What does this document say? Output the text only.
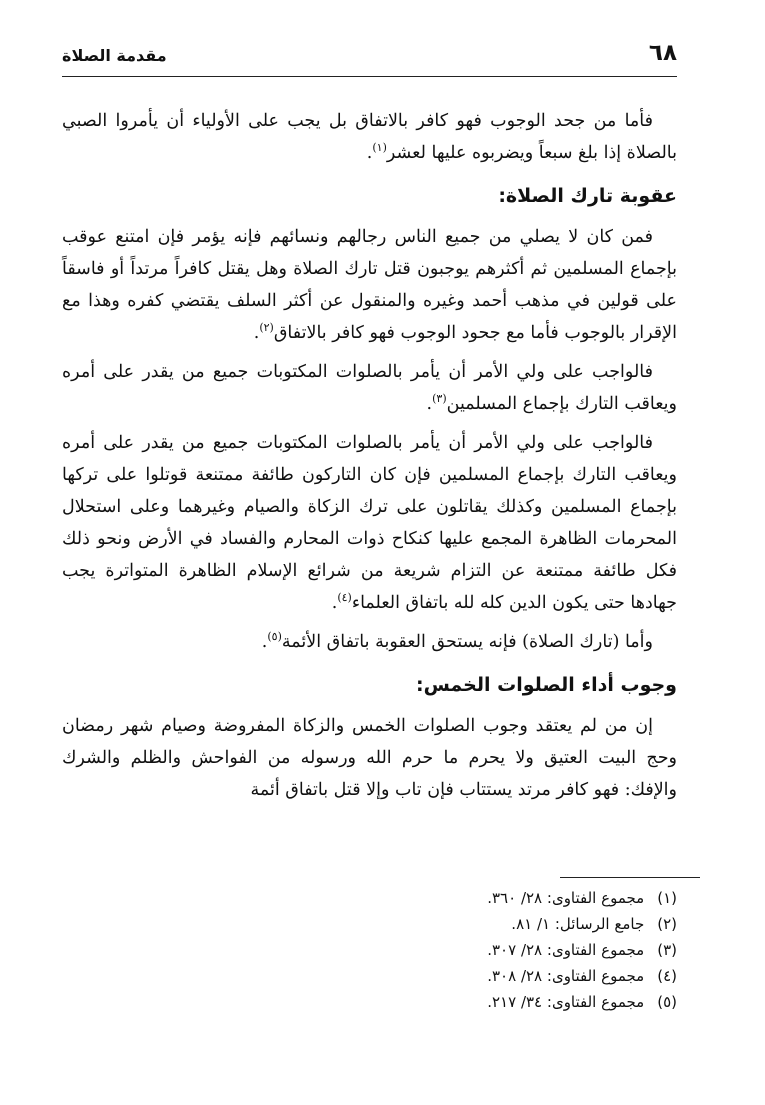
٦٨
مقدمة الصلاة

فأما من جحد الوجوب فهو كافر بالاتفاق بل يجب على الأولياء أن يأمروا الصبي بالصلاة إذا بلغ سبعاً ويضربوه عليها لعشر$^{(١)}$.

عقوبة تارك الصلاة:

فمن كان لا يصلي من جميع الناس رجالهم ونسائهم فإنه يؤمر فإن امتنع عوقب بإجماع المسلمين ثم أكثرهم يوجبون قتل تارك الصلاة وهل يقتل كافراً مرتداً أو فاسقاً على قولين في مذهب أحمد وغيره والمنقول عن أكثر السلف يقتضي كفره وهذا مع الإقرار بالوجوب فأما مع جحود الوجوب فهو كافر بالاتفاق$^{(٢)}$.

فالواجب على ولي الأمر أن يأمر بالصلوات المكتوبات جميع من يقدر على أمره ويعاقب التارك بإجماع المسلمين$^{(٣)}$.

فالواجب على ولي الأمر أن يأمر بالصلوات المكتوبات جميع من يقدر على أمره ويعاقب التارك بإجماع المسلمين فإن كان التاركون طائفة ممتنعة قوتلوا على تركها بإجماع المسلمين وكذلك يقاتلون على ترك الزكاة والصيام وغيرهما وعلى استحلال المحرمات الظاهرة المجمع عليها كنكاح ذوات المحارم والفساد في الأرض ونحو ذلك فكل طائفة ممتنعة عن التزام شريعة من شرائع الإسلام الظاهرة المتواترة يجب جهادها حتى يكون الدين كله لله باتفاق العلماء$^{(٤)}$.

وأما (تارك الصلاة) فإنه يستحق العقوبة باتفاق الأئمة$^{(٥)}$.

وجوب أداء الصلوات الخمس:

إن من لم يعتقد وجوب الصلوات الخمس والزكاة المفروضة وصيام شهر رمضان وحج البيت العتيق ولا يحرم ما حرم الله ورسوله من الفواحش والظلم والشرك والإفك: فهو كافر مرتد يستتاب فإن تاب وإلا قتل باتفاق أئمة

(١) مجموع الفتاوى: ٢٨/ ٣٦٠.
(٢) جامع الرسائل: ١/ ٨١.
(٣) مجموع الفتاوى: ٢٨/ ٣٠٧.
(٤) مجموع الفتاوى: ٢٨/ ٣٠٨.
(٥) مجموع الفتاوى: ٣٤/ ٢١٧.
